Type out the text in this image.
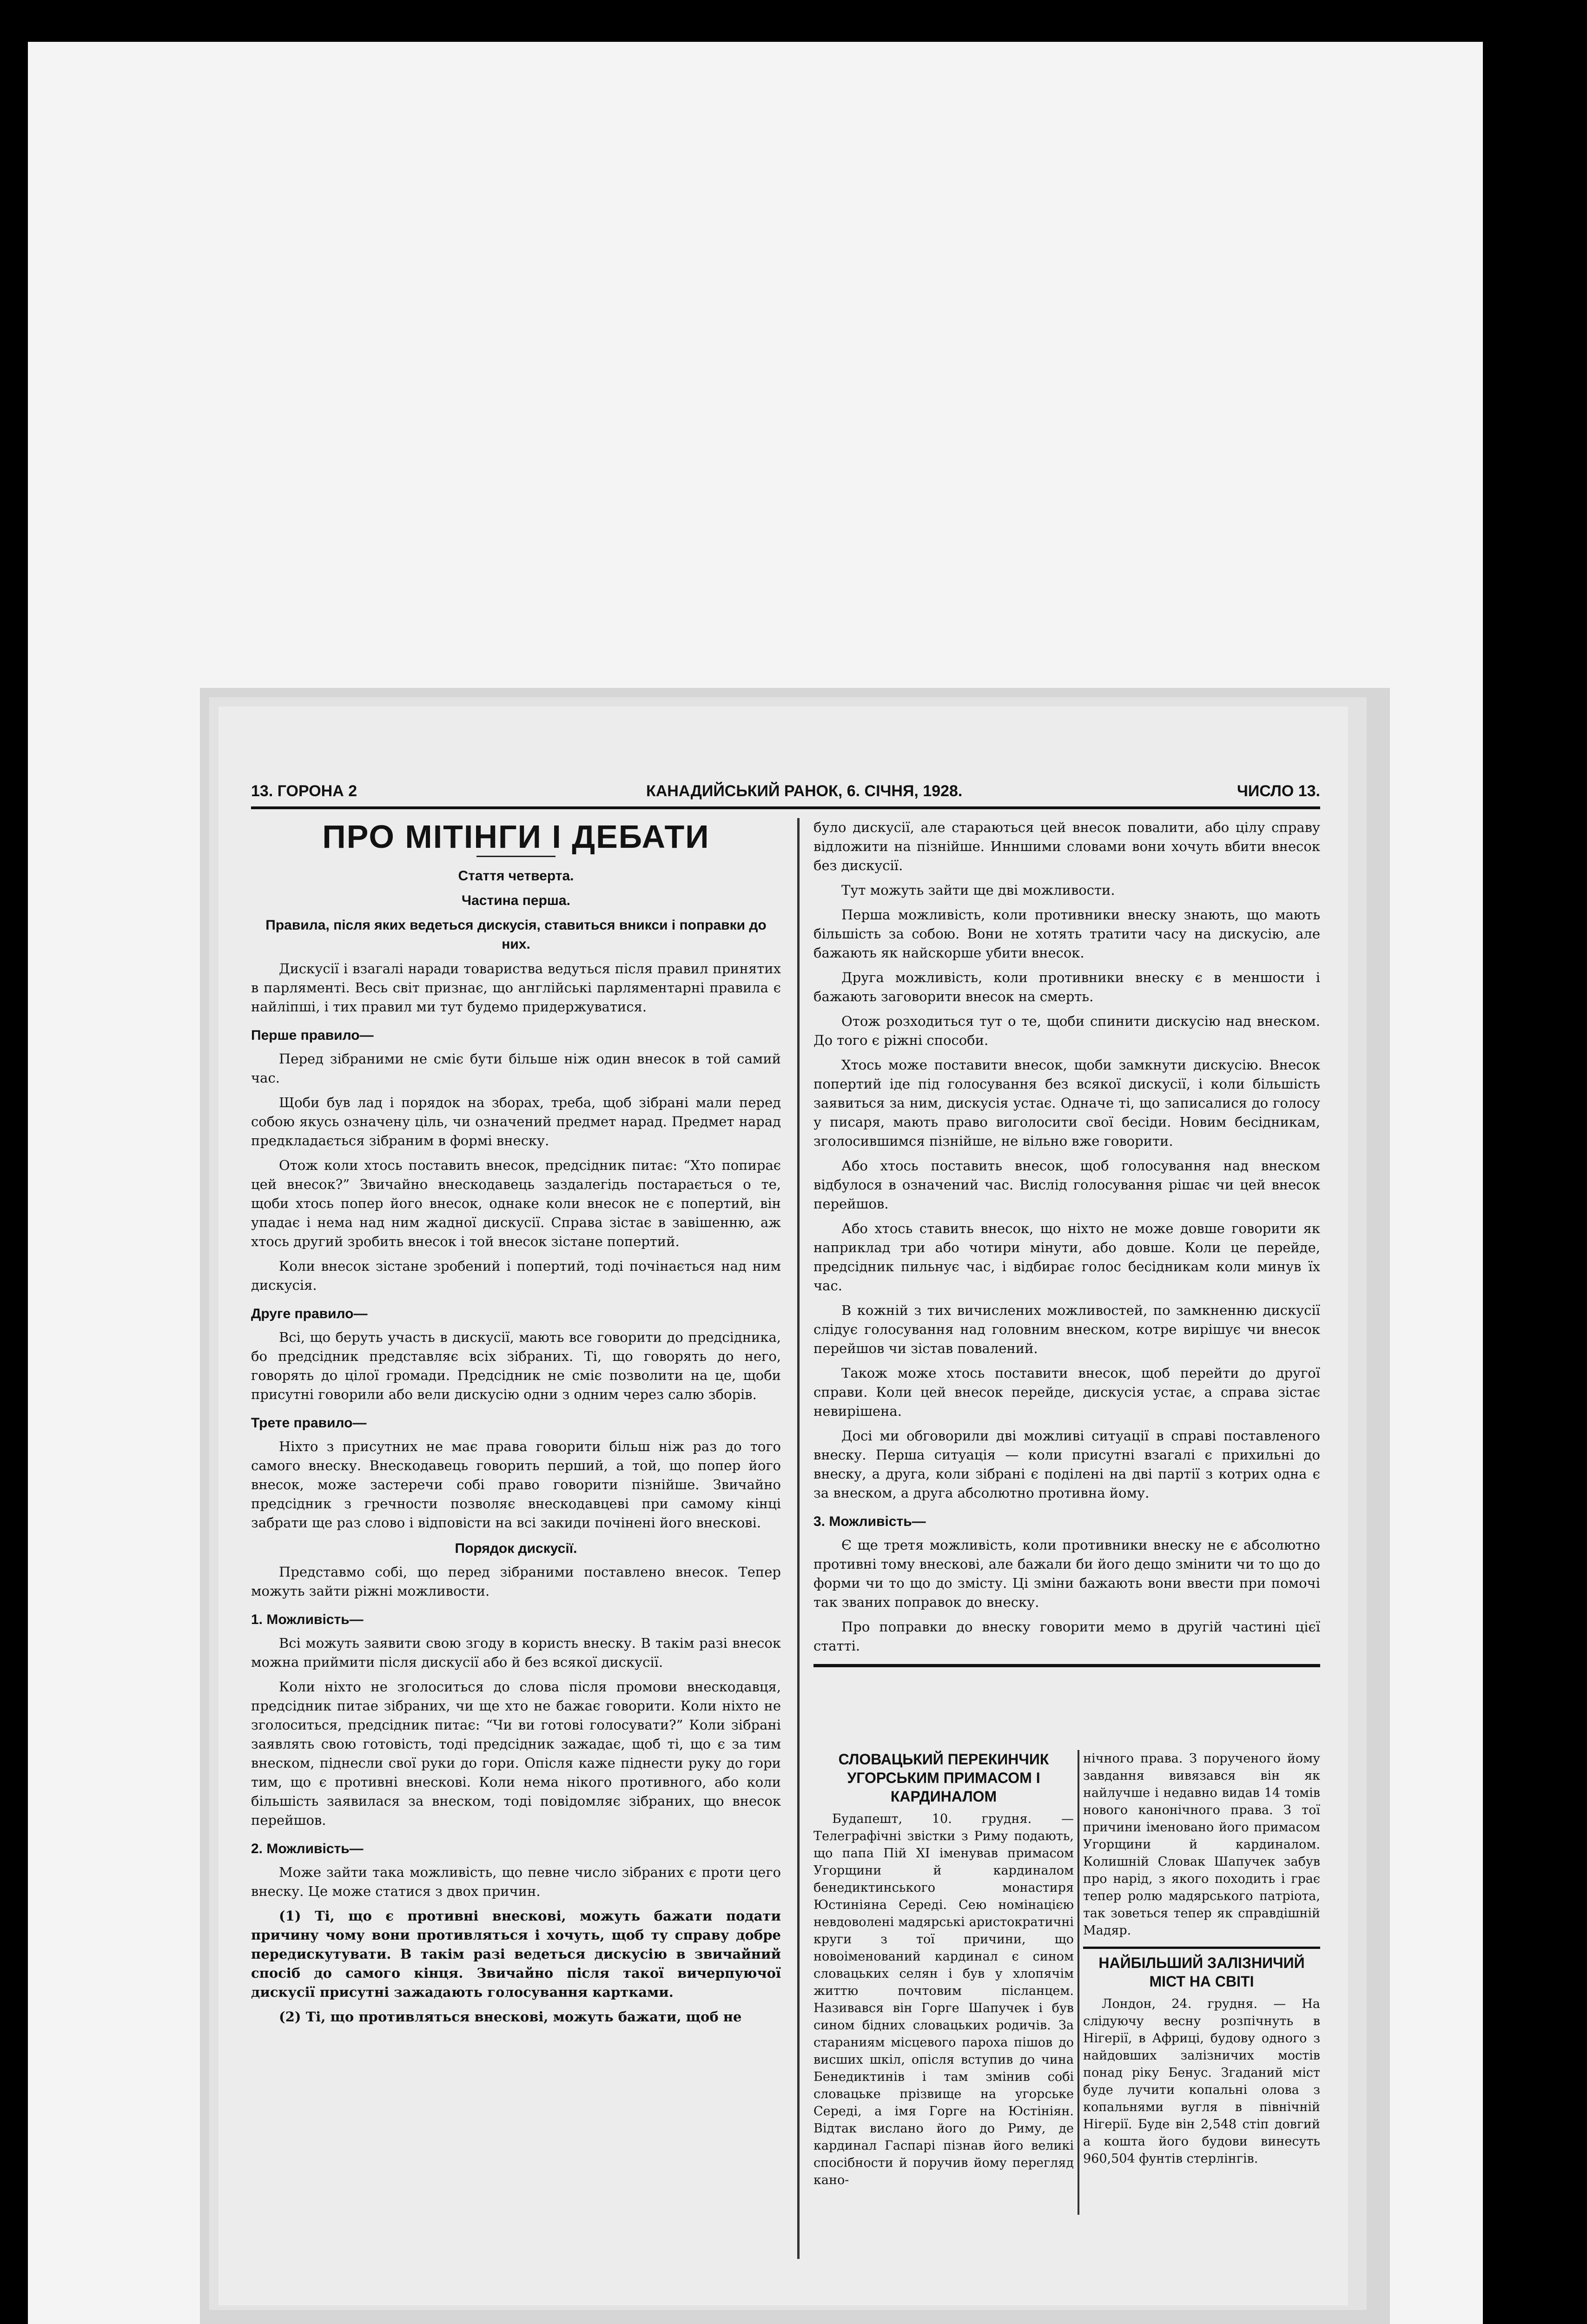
13. ГОРОНА 2	КАНАДИЙСЬКИЙ РАНОК, 6. СІЧНЯ, 1928.	ЧИСЛО 13.
ПРО МІТІНГИ І ДЕБАТИ
Стаття четверта.
Частина перша.
Правила, після яких ведеться дискусія, ставиться вникси і поправки до них.

Дискусії і взагалі наради товариства ведуться після правил принятих в парляменті. Весь світ признає, що англійські парляментарні правила є найліпші, і тих правил ми тут будемо придержуватися.

Перше правило—

Перед зібраними не сміє бути більше ніж один внесок в той самий час.

Щоби був лад і порядок на зборах, треба, щоб зібрані мали перед собою якусь означену ціль, чи означений предмет нарад. Предмет нарад предкладається зібраним в формі внеску.

Отож коли хтось поставить внесок, предсідник питає: “Хто попирає цей внесок?” Звичайно внескодавець заздалегідь постарається о те, щоби хтось попер його внесок, однаке коли внесок не є попертий, він упадає і нема над ним жадної дискусії. Справа зістає в завішенню, аж хтось другий зробить внесок і той внесок зістане попертий.

Коли внесок зістане зробений і попертий, тоді почінається над ним дискусія.

Друге правило—

Всі, що беруть участь в дискусії, мають все говорити до предсідника, бо предсідник представляє всіх зібраних. Ті, що говорять до него, говорять до цілої громади. Предсідник не сміє позволити на це, щоби присутні говорили або вели дискусію одни з одним через салю зборів.

Трете правило—

Ніхто з присутних не має права говорити більш ніж раз до того самого внеску. Внескодавець говорить перший, а той, що попер його внесок, може застеречи собі право говорити пізнійше. Звичайно предсідник з гречности позволяє внескодавцеві при самому кінці забрати ще раз слово і відповісти на всі закиди почінені його внескові.

Порядок дискусії.

Представмо собі, що перед зібраними поставлено внесок. Тепер можуть зайти ріжні можливости.

1. Можливість—

Всі можуть заявити свою згоду в користь внеску. В такім разі внесок можна приймити після дискусії або й без всякої дискусії.

Коли ніхто не зголоситься до слова після промови внескодавця, предсідник питае зібраних, чи ще хто не бажає говорити. Коли ніхто не зголоситься, предсідник питає: “Чи ви готові голосувати?” Коли зібрані заявлять свою готовість, тоді предсідник зажадає, щоб ті, що є за тим внеском, піднесли свої руки до гори. Опісля каже піднести руку до гори тим, що є противні внескові. Коли нема нікого противного, або коли більшість заявилася за внеском, тоді повідомляє зібраних, що внесок перейшов.

2. Можливість—

Може зайти така можливість, що певне число зібраних є проти цего внеску. Це може статися з двох причин.

(1) Ті, що є противні внескові, можуть бажати подати причину чому вони противляться і хочуть, щоб ту справу добре передискутувати. В такім разі ведеться дискусію в звичайний спосіб до самого кінця. Звичайно після такої вичерпуючої дискусії присутні зажадають голосування картками.

(2) Ті, що противляться внескові, можуть бажати, щоб не

було дискусії, але стараються цей внесок повалити, або цілу справу відложити на пізнійше. Инншими словами вони хочуть вбити внесок без дискусії.

Тут можуть зайти ще дві можливости.

Перша можливість, коли противники внеску знають, що мають більшість за собою. Вони не хотять тратити часу на дискусію, але бажають як найскорше убити внесок.

Друга можливість, коли противники внеску є в меншости і бажають заговорити внесок на смерть.

Отож розходиться тут о те, щоби спинити дискусію над внеском. До того є ріжні способи.

Хтось може поставити внесок, щоби замкнути дискусію. Внесок попертий іде під голосування без всякої дискусії, і коли більшість заявиться за ним, дискусія устає. Одначе ті, що записалися до голосу у писаря, мають право виголосити свої бесіди. Новим бесідникам, зголосившимся пізнійше, не вільно вже говорити.

Або хтось поставить внесок, щоб голосування над внеском відбулося в означений час. Вислід голосування рішає чи цей внесок перейшов.

Або хтось ставить внесок, що ніхто не може довше говорити як наприклад три або чотири мінути, або довше. Коли це перейде, предсідник пильнує час, і відбирає голос бесідникам коли минув їх час.

В кожній з тих вичислених можливостей, по замкненню дискусії слідує голосування над головним внеском, котре вирішує чи внесок перейшов чи зістав повалений.

Також може хтось поставити внесок, щоб перейти до другої справи. Коли цей внесок перейде, дискусія устає, а справа зістає невирішена.

Досі ми обговорили дві можливі ситуації в справі поставленого внеску. Перша ситуація — коли присутні взагалі є прихильні до внеску, а друга, коли зібрані є поділені на дві партії з котрих одна є за внеском, а друга абсолютно противна йому.

3. Можливість—

Є ще третя можливість, коли противники внеску не є абсолютно противні тому внескові, але бажали би його дещо змінити чи то що до форми чи то що до змісту. Ці зміни бажають вони ввести при помочі так званих поправок до внеску.

Про поправки до внеску говорити мемо в другій частині цієї статті.

СЛОВАЦЬКИЙ ПЕРЕКИНЧИК УГОРСЬКИМ ПРИМАСОМ І КАРДИНАЛОМ

Будапешт, 10. грудня. — Телеграфічні звістки з Риму подають, що папа Пій XI іменував примасом Угорщини й кардиналом бенедиктинського монастиря Юстиніяна Середі. Сею номінацією невдоволені мадярські аристократичні круги з тої причини, що новоіменований кардинал є сином словацьких селян і був у хлопячім життю почтовим післанцем. Називався він Горге Шапучек і був сином бідних словацьких родичів. За стараниям місцевого пароха пішов до висших шкіл, опісля вступив до чина Бенедиктинів і там змінив собі словацьке прізвище на угорське Середі, а імя Горге на Юстініян. Відтак вислано його до Риму, де кардинал Гаспарі пізнав його великі спосібности й поручив йому перегляд кано-

нічного права. З порученого йому завдання вивязався він як найлучше і недавно видав 14 томів нового канонічного права. З тої причини іменовано його примасом Угорщини й кардиналом. Колишній Словак Шапучек забув про нарід, з якого походить і грає тепер ролю мадярського патріота, так зоветься тепер як справдішній Мадяр.

НАЙБІЛЬШИЙ ЗАЛІЗНИЧИЙ МІСТ НА СВІТІ

Лондон, 24. грудня. — На слідуючу весну розпічнуть в Нігерії, в Африці, будову одного з найдовших залізничих мостів понад ріку Бенус. Згаданий міст буде лучити копальні олова з копальнями вугля в північній Нігерії. Буде він 2,548 стіп довгий а кошта його будови винесуть 960,504 фунтів стерлінгів.
